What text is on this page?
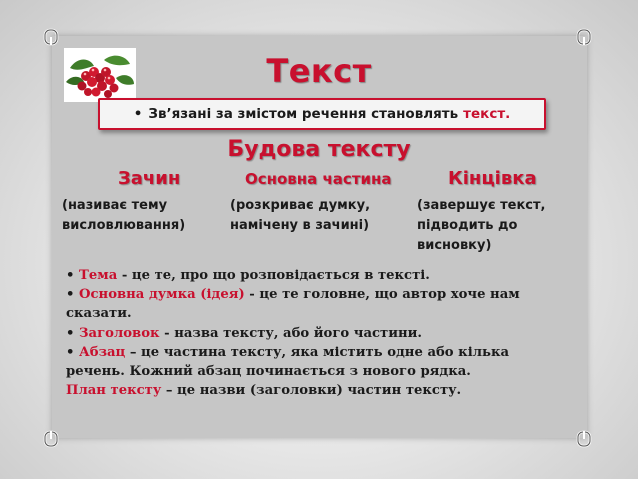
Текст
• Зв’язані за змістом речення становлять текст.
Будова тексту
Зачин	Основна частина	Кінцівка
(називає тему
висловлювання)
(розкриває думку,
намічену в зачині)
(завершує текст,
підводить до
висновку)

• Тема - це те, про що розповідається в тексті.

• Основна думка (ідея) - це те головне, що автор хоче нам сказати.

• Заголовок - назва тексту, або його частини.

• Абзац – це частина тексту, яка містить одне або кілька речень. Кожний абзац починається з нового рядка.

План тексту – це назви (заголовки) частин тексту.
